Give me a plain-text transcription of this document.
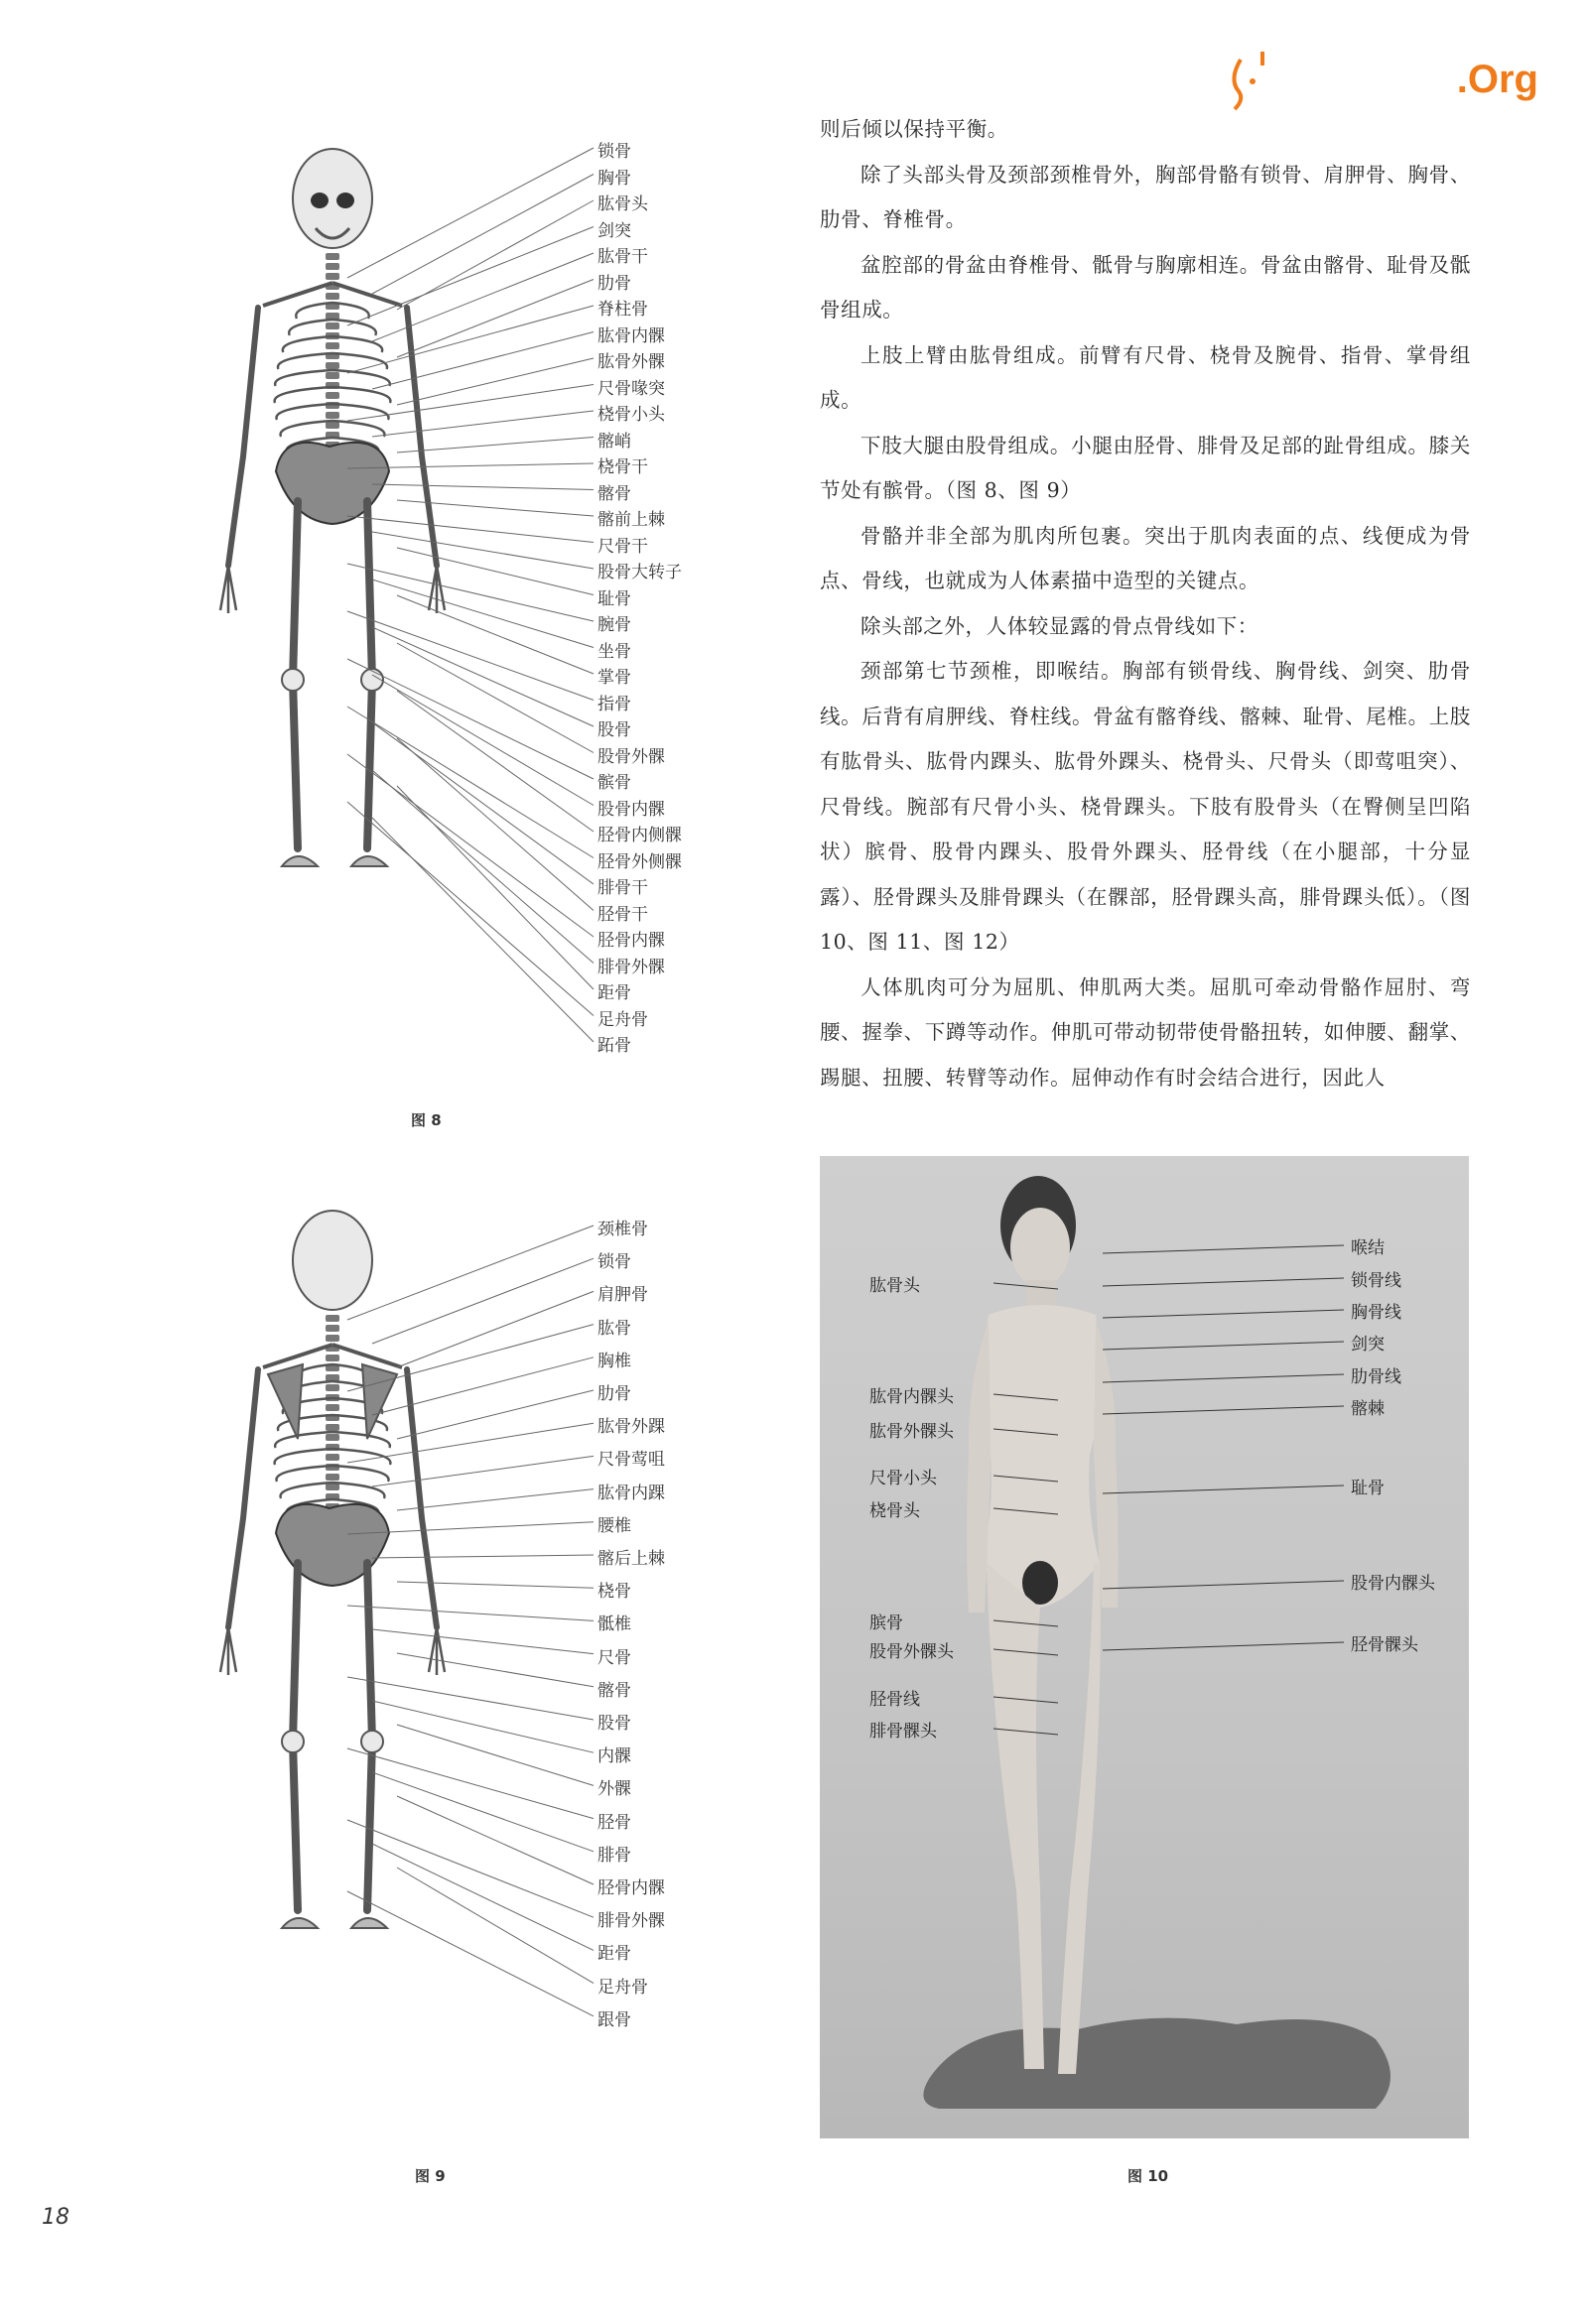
.Org

则后倾以保持平衡。

除了头部头骨及颈部颈椎骨外，胸部骨骼有锁骨、肩胛骨、胸骨、肋骨、脊椎骨。

盆腔部的骨盆由脊椎骨、骶骨与胸廓相连。骨盆由髂骨、耻骨及骶骨组成。

上肢上臂由肱骨组成。前臂有尺骨、桡骨及腕骨、指骨、掌骨组成。

下肢大腿由股骨组成。小腿由胫骨、腓骨及足部的趾骨组成。膝关节处有髌骨。（图 8、图 9）

骨骼并非全部为肌肉所包裹。突出于肌肉表面的点、线便成为骨点、骨线，也就成为人体素描中造型的关键点。

除头部之外，人体较显露的骨点骨线如下：

颈部第七节颈椎，即喉结。胸部有锁骨线、胸骨线、剑突、肋骨线。后背有肩胛线、脊柱线。骨盆有髂脊线、髂棘、耻骨、尾椎。上肢有肱骨头、肱骨内踝头、肱骨外踝头、桡骨头、尺骨头（即莺咀突）、尺骨线。腕部有尺骨小头、桡骨踝头。下肢有股骨头（在臀侧呈凹陷状）膑骨、股骨内踝头、股骨外踝头、胫骨线（在小腿部，十分显露）、胫骨踝头及腓骨踝头（在髁部，胫骨踝头高，腓骨踝头低）。（图 10、图 11、图 12）

人体肌肉可分为屈肌、伸肌两大类。屈肌可牵动骨骼作屈肘、弯腰、握拳、下蹲等动作。伸肌可带动韧带使骨骼扭转，如伸腰、翻掌、踢腿、扭腰、转臂等动作。屈伸动作有时会结合进行，因此人

锁骨
胸骨
肱骨头
剑突
肱骨干
肋骨
脊柱骨
肱骨内髁
肱骨外髁
尺骨喙突
桡骨小头
髂峭
桡骨干
髂骨
髂前上棘
尺骨干
股骨大转子
耻骨
腕骨
坐骨
掌骨
指骨
股骨
股骨外髁
髌骨
股骨内髁
胫骨内侧髁
胫骨外侧髁
腓骨干
胫骨干
胫骨内髁
腓骨外髁
距骨
足舟骨
跖骨
图 8
颈椎骨
锁骨
肩胛骨
肱骨
胸椎
肋骨
肱骨外踝
尺骨莺咀
肱骨内踝
腰椎
髂后上棘
桡骨
骶椎
尺骨
髂骨
股骨
内髁
外髁
胫骨
腓骨
胫骨内髁
腓骨外髁
距骨
足舟骨
跟骨
图 9
肱骨头
肱骨内髁头
肱骨外髁头
尺骨小头
桡骨头
膑骨
股骨外髁头
胫骨线
腓骨髁头
喉结
锁骨线
胸骨线
剑突
肋骨线
髂棘
耻骨
股骨内髁头
胫骨髁头
图 10
18
